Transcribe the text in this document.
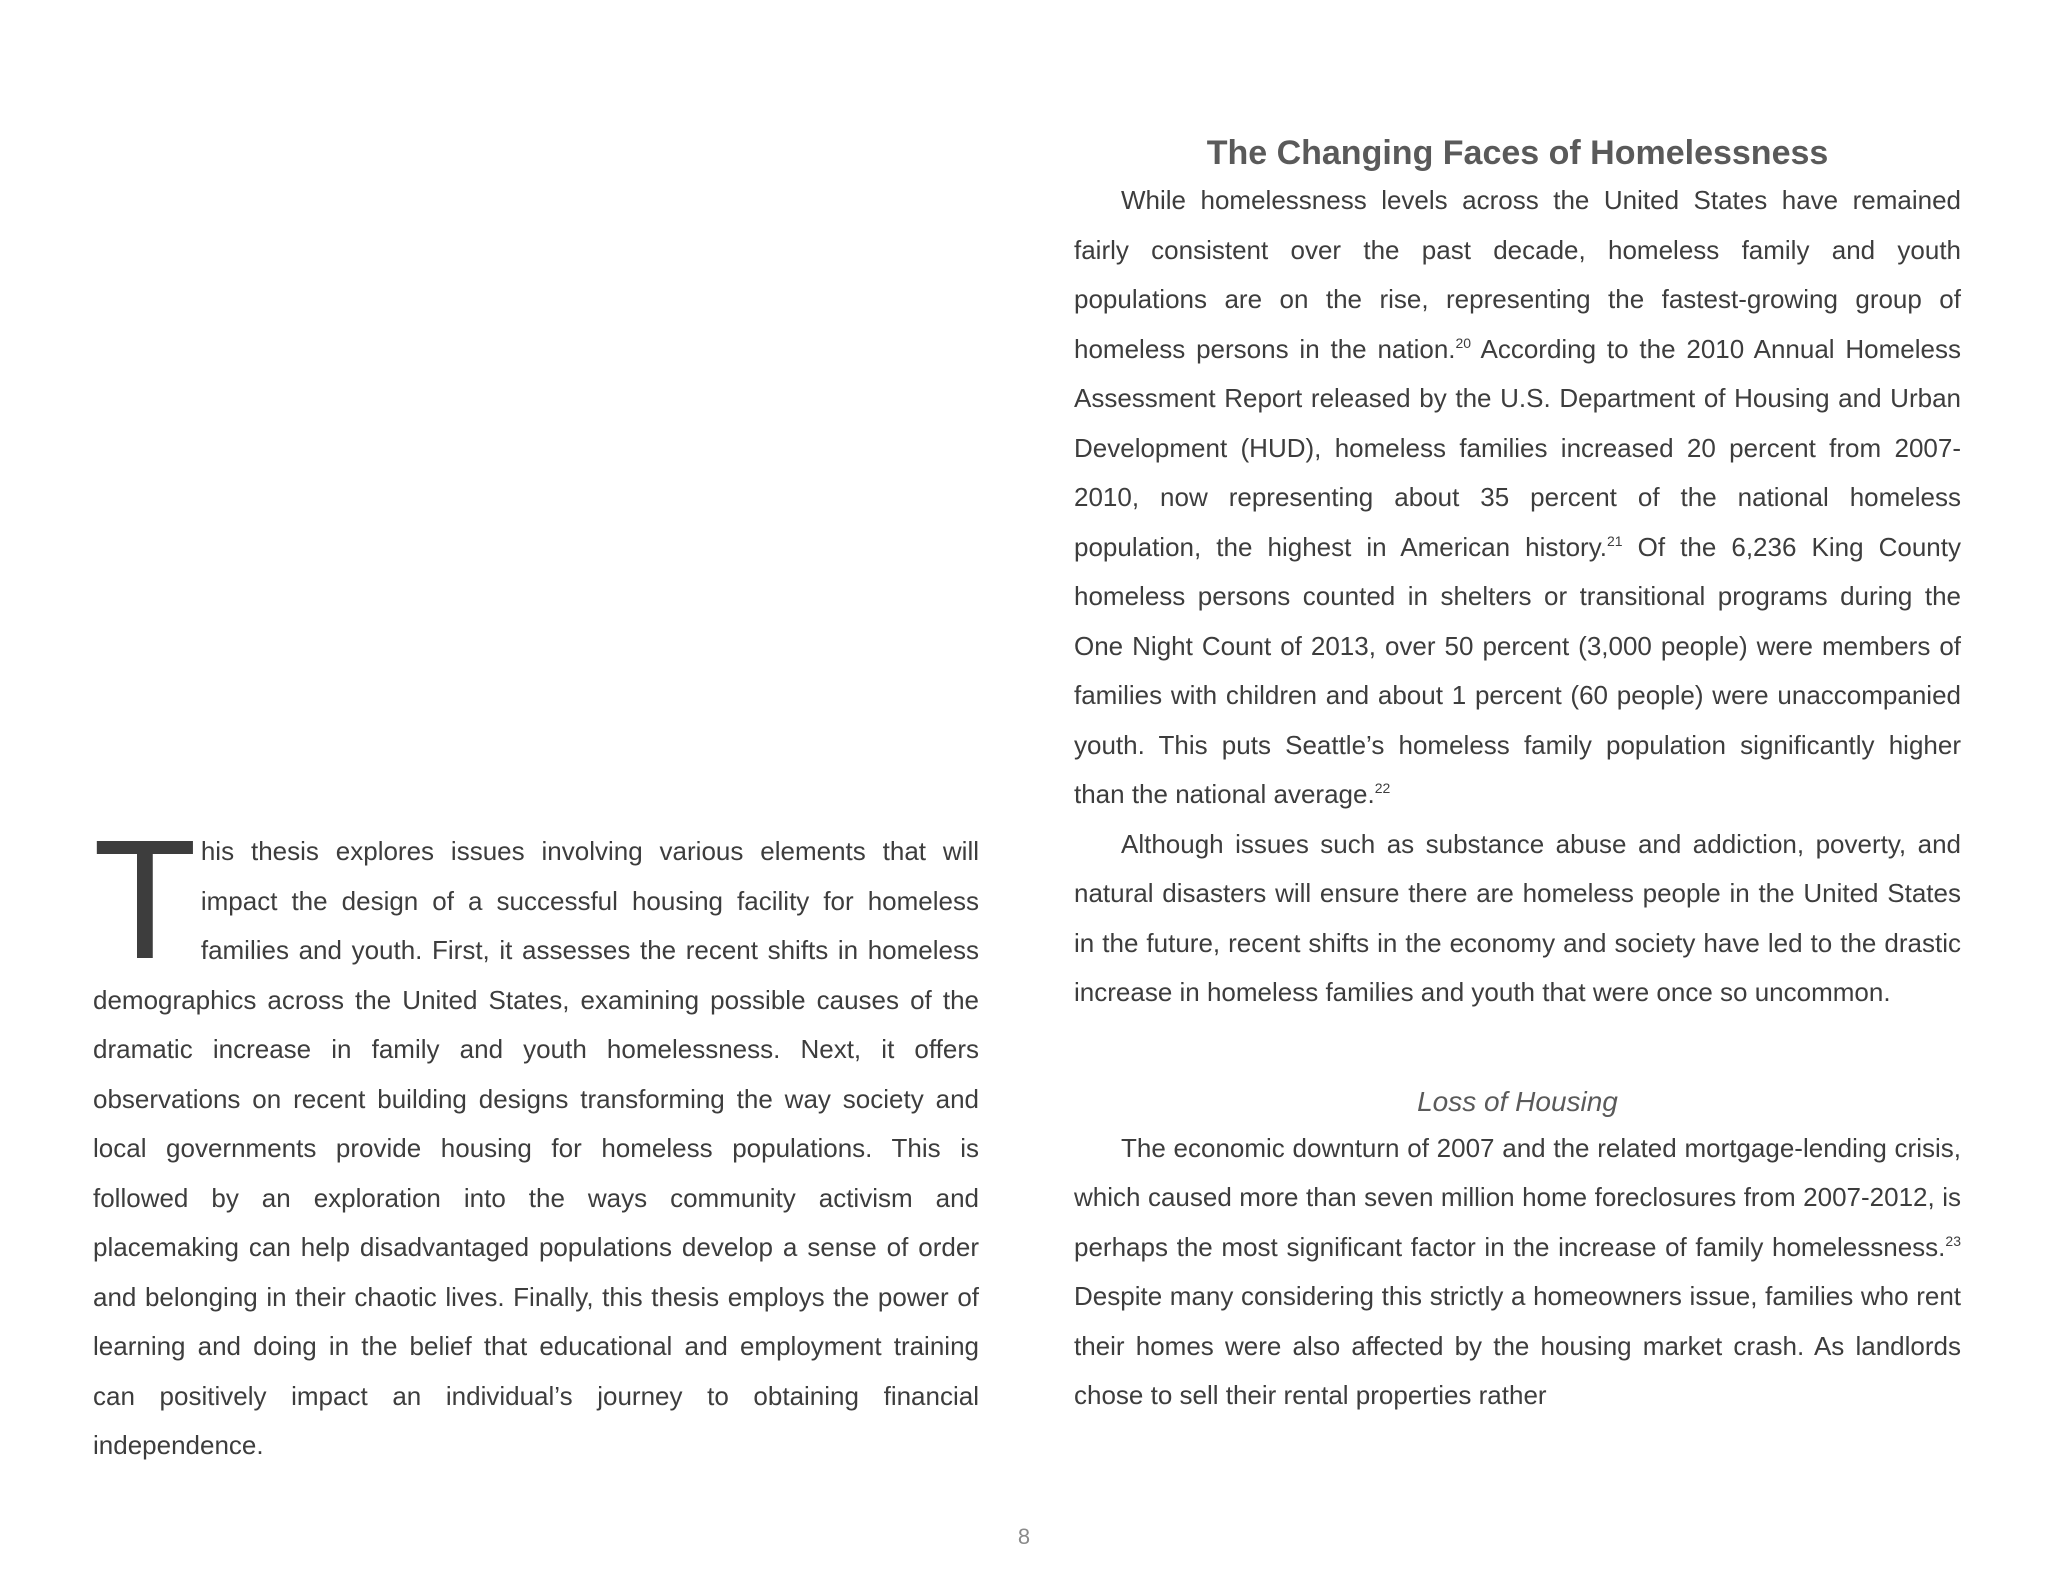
This thesis explores issues involving various elements that will impact the design of a successful housing facility for homeless families and youth. First, it assesses the recent shifts in homeless demographics across the United States, examining possible causes of the dramatic increase in family and youth homelessness. Next, it offers observations on recent building designs transforming the way society and local governments provide housing for homeless populations. This is followed by an exploration into the ways community activism and placemaking can help disadvantaged populations develop a sense of order and belonging in their chaotic lives. Finally, this thesis employs the power of learning and doing in the belief that educational and employment training can positively impact an individual’s journey to obtaining financial independence.

The Changing Faces of Homelessness

While homelessness levels across the United States have remained fairly consistent over the past decade, homeless family and youth populations are on the rise, representing the fastest-growing group of homeless persons in the nation.$^{20}$ According to the 2010 Annual Homeless Assessment Report released by the U.S. Department of Housing and Urban Development (HUD), homeless families increased 20 percent from 2007-2010, now representing about 35 percent of the national homeless population, the highest in American history.$^{21}$ Of the 6,236 King County homeless persons counted in shelters or transitional programs during the One Night Count of 2013, over 50 percent (3,000 people) were members of families with children and about 1 percent (60 people) were unaccompanied youth. This puts Seattle’s homeless family population significantly higher than the national average.$^{22}$

Although issues such as substance abuse and addiction, poverty, and natural disasters will ensure there are homeless people in the United States in the future, recent shifts in the economy and society have led to the drastic increase in homeless families and youth that were once so uncommon.

Loss of Housing

The economic downturn of 2007 and the related mortgage-lending crisis, which caused more than seven million home foreclosures from 2007-2012, is perhaps the most significant factor in the increase of family homelessness.$^{23}$ Despite many considering this strictly a homeowners issue, families who rent their homes were also affected by the housing market crash. As landlords chose to sell their rental properties rather

8
